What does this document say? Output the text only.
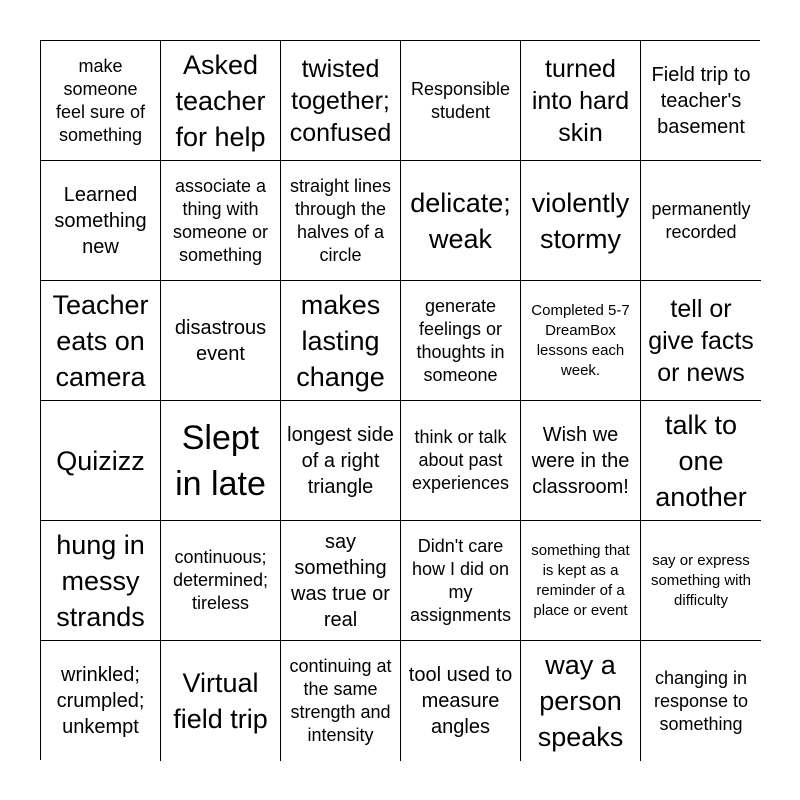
make someone feel sure of something
Asked teacher for help
twisted together; confused
Responsible student
turned into hard skin
Field trip to teacher's basement
Learned something new
associate a thing with someone or something
straight lines through the halves of a circle
delicate; weak
violently stormy
permanently recorded
Teacher eats on camera
disastrous event
makes lasting change
generate feelings or thoughts in someone
Completed 5-7 DreamBox lessons each week.
tell or give facts or news
Quizizz
Slept in late
longest side of a right triangle
think or talk about past experiences
Wish we were in the classroom!
talk to one another
hung in messy strands
continuous; determined; tireless
say something was true or real
Didn't care how I did on my assignments
something that is kept as a reminder of a place or event
say or express something with difficulty
wrinkled; crumpled; unkempt
Virtual field trip
continuing at the same strength and intensity
tool used to measure angles
way a person speaks
changing in response to something
